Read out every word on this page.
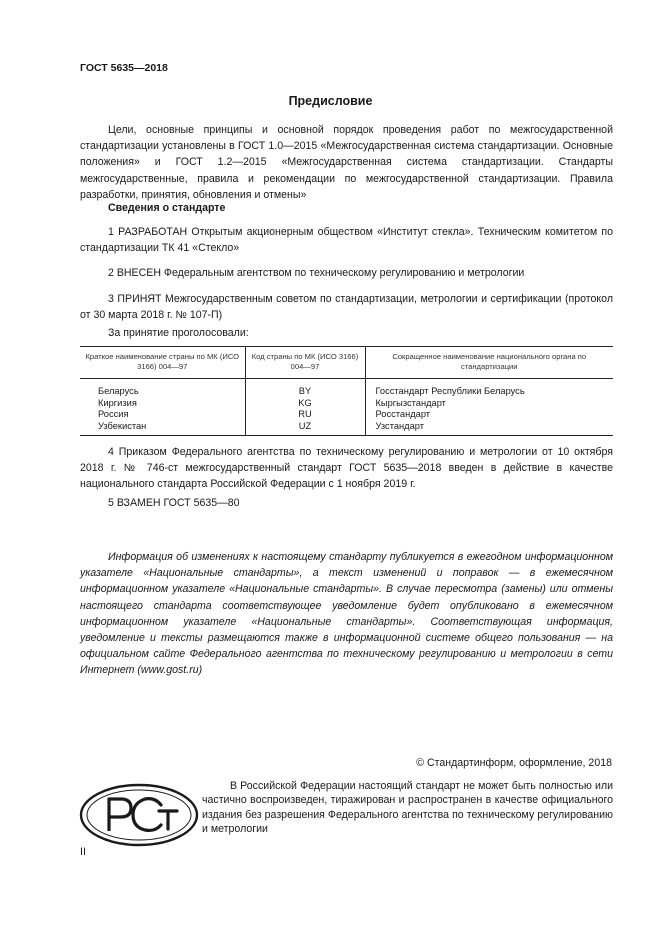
ГОСТ 5635—2018
Предисловие
Цели, основные принципы и основной порядок проведения работ по межгосударственной стандартизации установлены в ГОСТ 1.0—2015 «Межгосударственная система стандартизации. Основные положения» и ГОСТ 1.2—2015 «Межгосударственная система стандартизации. Стандарты межгосударственные, правила и рекомендации по межгосударственной стандартизации. Правила разработки, принятия, обновления и отмены»
Сведения о стандарте
1 РАЗРАБОТАН Открытым акционерным обществом «Институт стекла». Техническим комитетом по стандартизации ТК 41 «Стекло»
2 ВНЕСЕН Федеральным агентством по техническому регулированию и метрологии
3 ПРИНЯТ Межгосударственным советом по стандартизации, метрологии и сертификации (протокол от 30 марта 2018 г. № 107-П)
За принятие проголосовали:
Краткое наименование страны по МК (ИСО 3166) 004—97	Код страны по МК (ИСО 3166) 004—97	Сокращенное наименование национального органа по стандартизации
Беларусь	BY	Госстандарт Республики Беларусь
Киргизия	KG	Кыргызстандарт
Россия	RU	Росстандарт
Узбекистан	UZ	Узстандарт
4 Приказом Федерального агентства по техническому регулированию и метрологии от 10 октября 2018 г. № 746-ст межгосударственный стандарт ГОСТ 5635—2018 введен в действие в качестве национального стандарта Российской Федерации с 1 ноября 2019 г.
5 ВЗАМЕН ГОСТ 5635—80
Информация об изменениях к настоящему стандарту публикуется в ежегодном информационном указателе «Национальные стандарты», а текст изменений и поправок — в ежемесячном информационном указателе «Национальные стандарты». В случае пересмотра (замены) или отмены настоящего стандарта соответствующее уведомление будет опубликовано в ежемесячном информационном указателе «Национальные стандарты». Соответствующая информация, уведомление и тексты размещаются также в информационной системе общего пользования — на официальном сайте Федерального агентства по техническому регулированию и метрологии в сети Интернет (www.gost.ru)
© Стандартинформ, оформление, 2018
В Российской Федерации настоящий стандарт не может быть полностью или частично воспроизведен, тиражирован и распространен в качестве официального издания без разрешения Федерального агентства по техническому регулированию и метрологии
II
